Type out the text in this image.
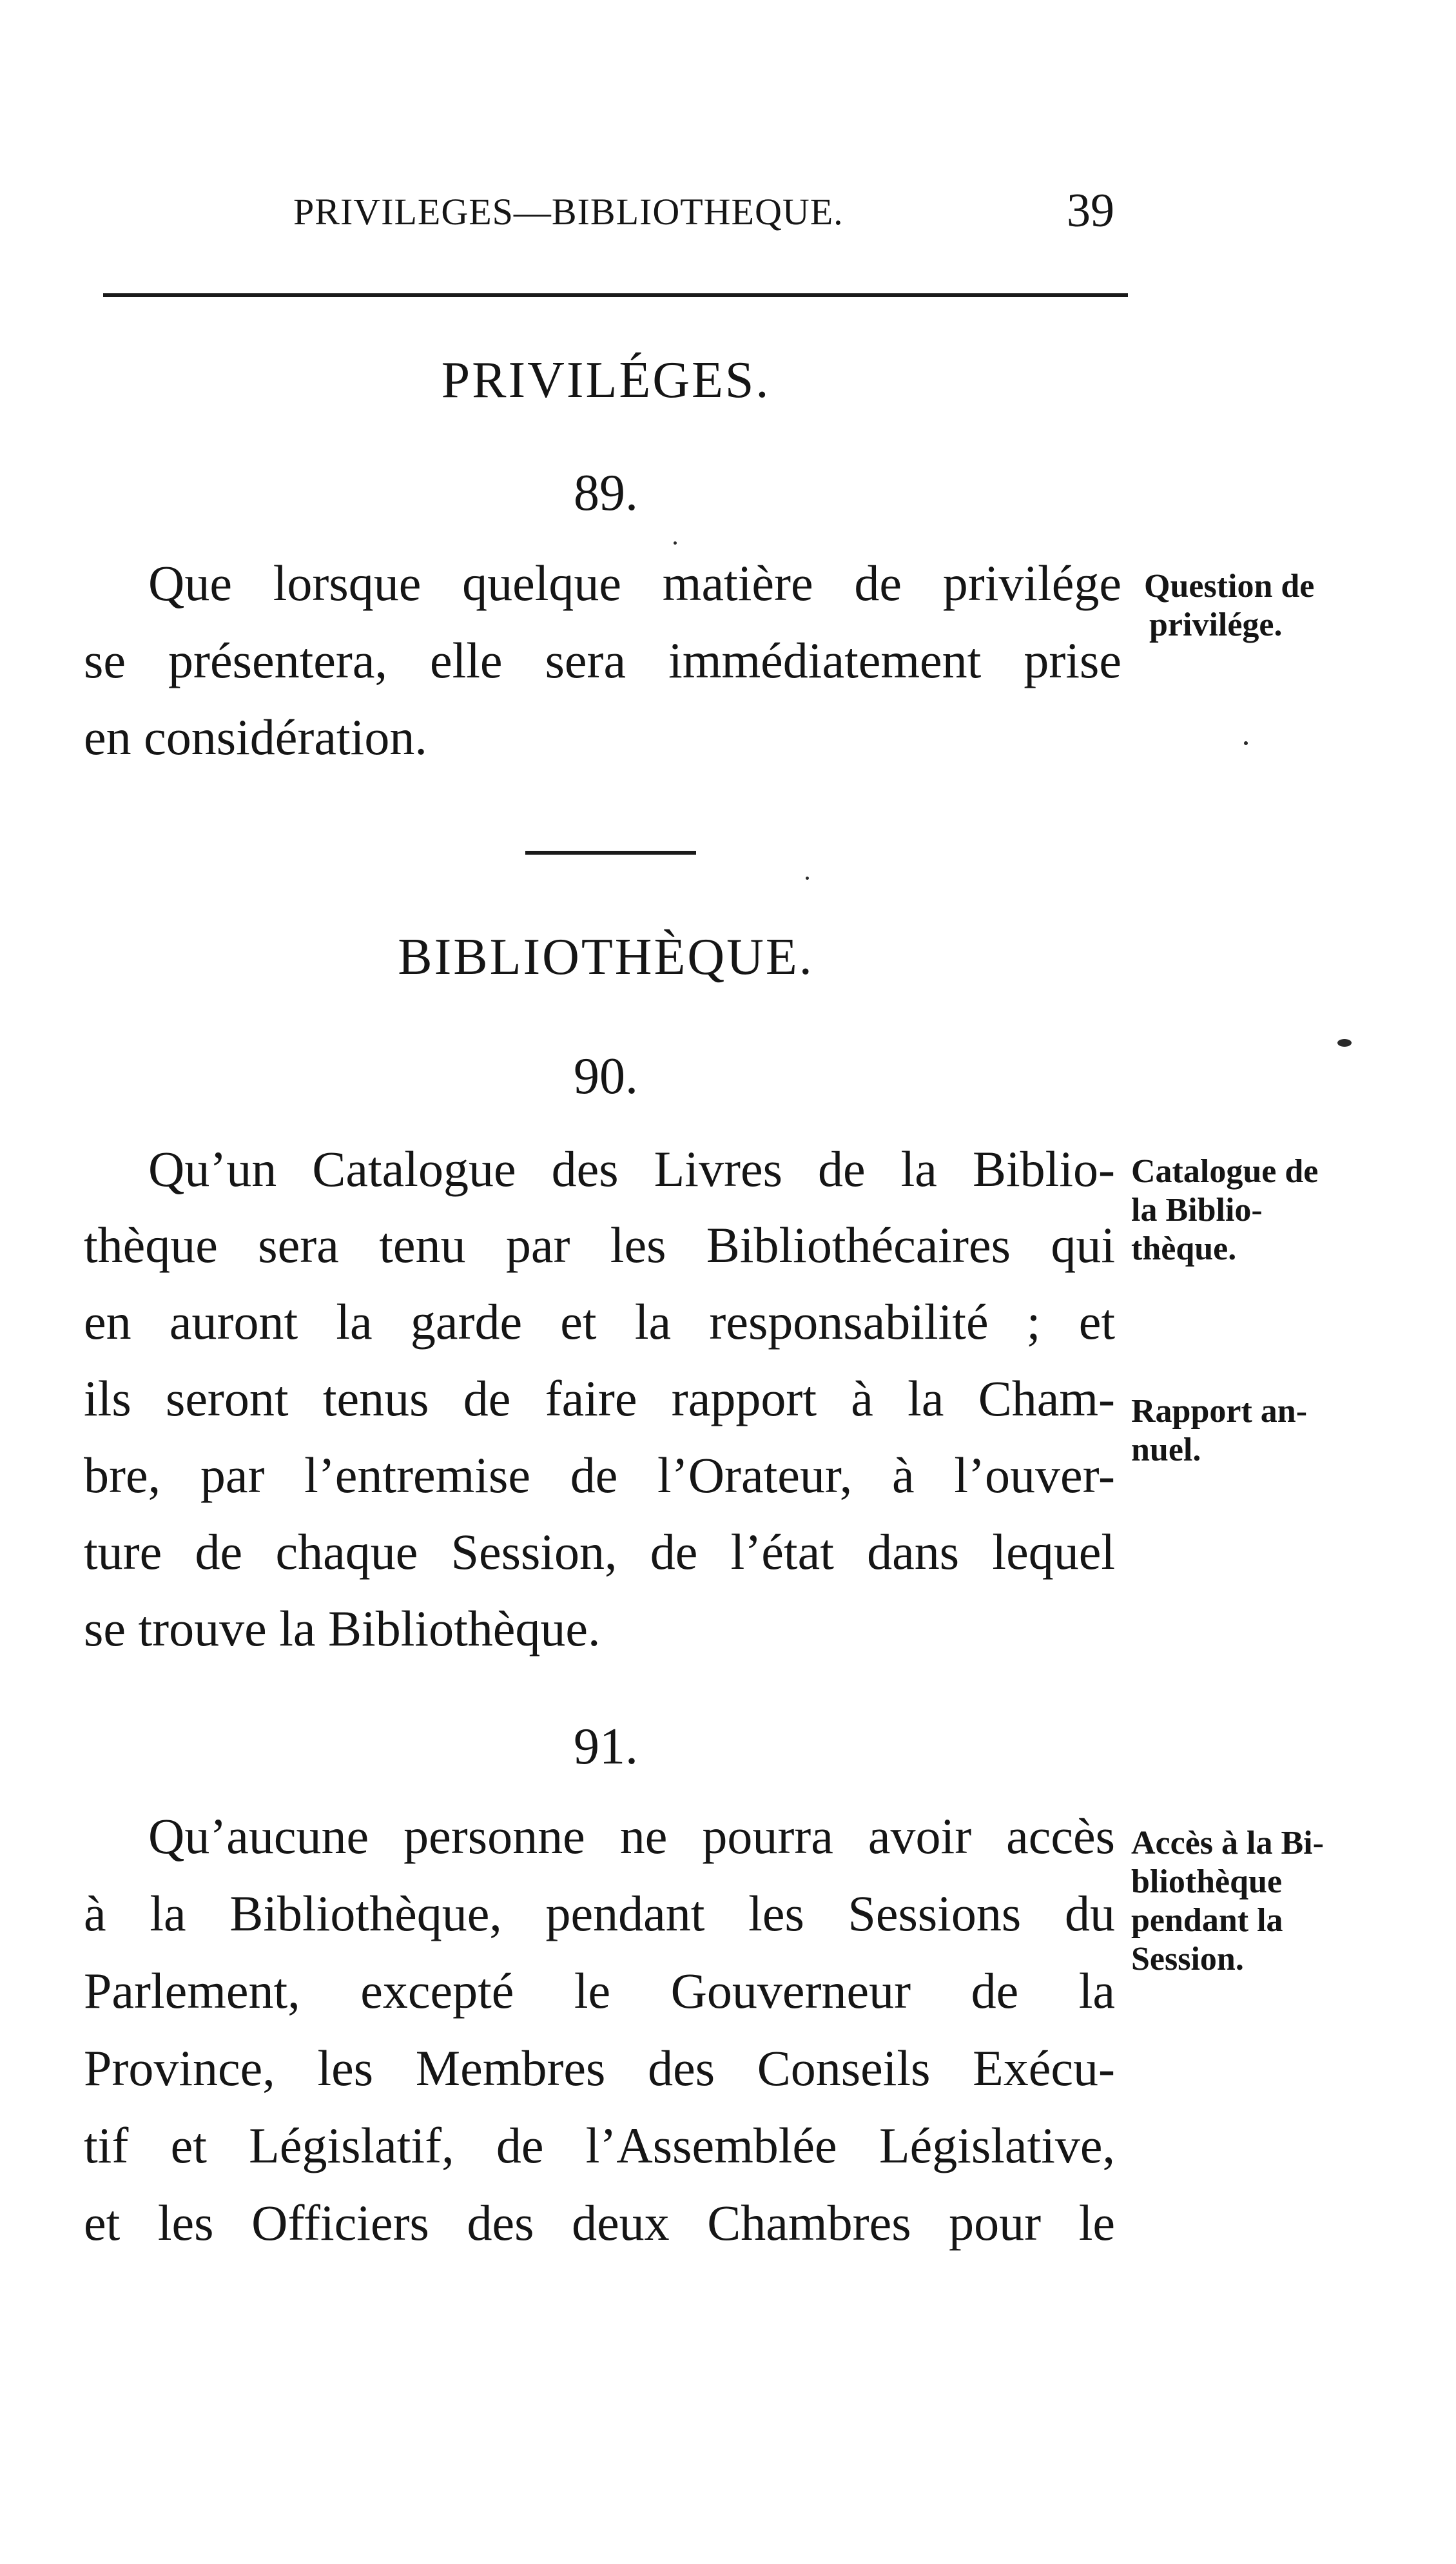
PRIVILEGES—BIBLIOTHEQUE.	39
PRIVILÉGES.
89.
Que lorsque quelque matière de privilége
se présentera, elle sera immédiatement prise
en considération.
Question de
privilége.
BIBLIOTHÈQUE.
90.
Qu’un Catalogue des Livres de la Biblio-
thèque sera tenu par les Bibliothécaires qui
en auront la garde et la responsabilité ; et
ils seront tenus de faire rapport à la Cham-
bre, par l’entremise de l’Orateur, à l’ouver-
ture de chaque Session, de l’état dans lequel
se trouve la Bibliothèque.
Catalogue de
la Biblio-
thèque.
Rapport an-
nuel.
91.
Qu’aucune personne ne pourra avoir accès
à la Bibliothèque, pendant les Sessions du
Parlement, excepté le Gouverneur de la
Province, les Membres des Conseils Exécu-
tif et Législatif, de l’Assemblée Législative,
et les Officiers des deux Chambres pour le
Accès à la Bi-
bliothèque
pendant la
Session.
